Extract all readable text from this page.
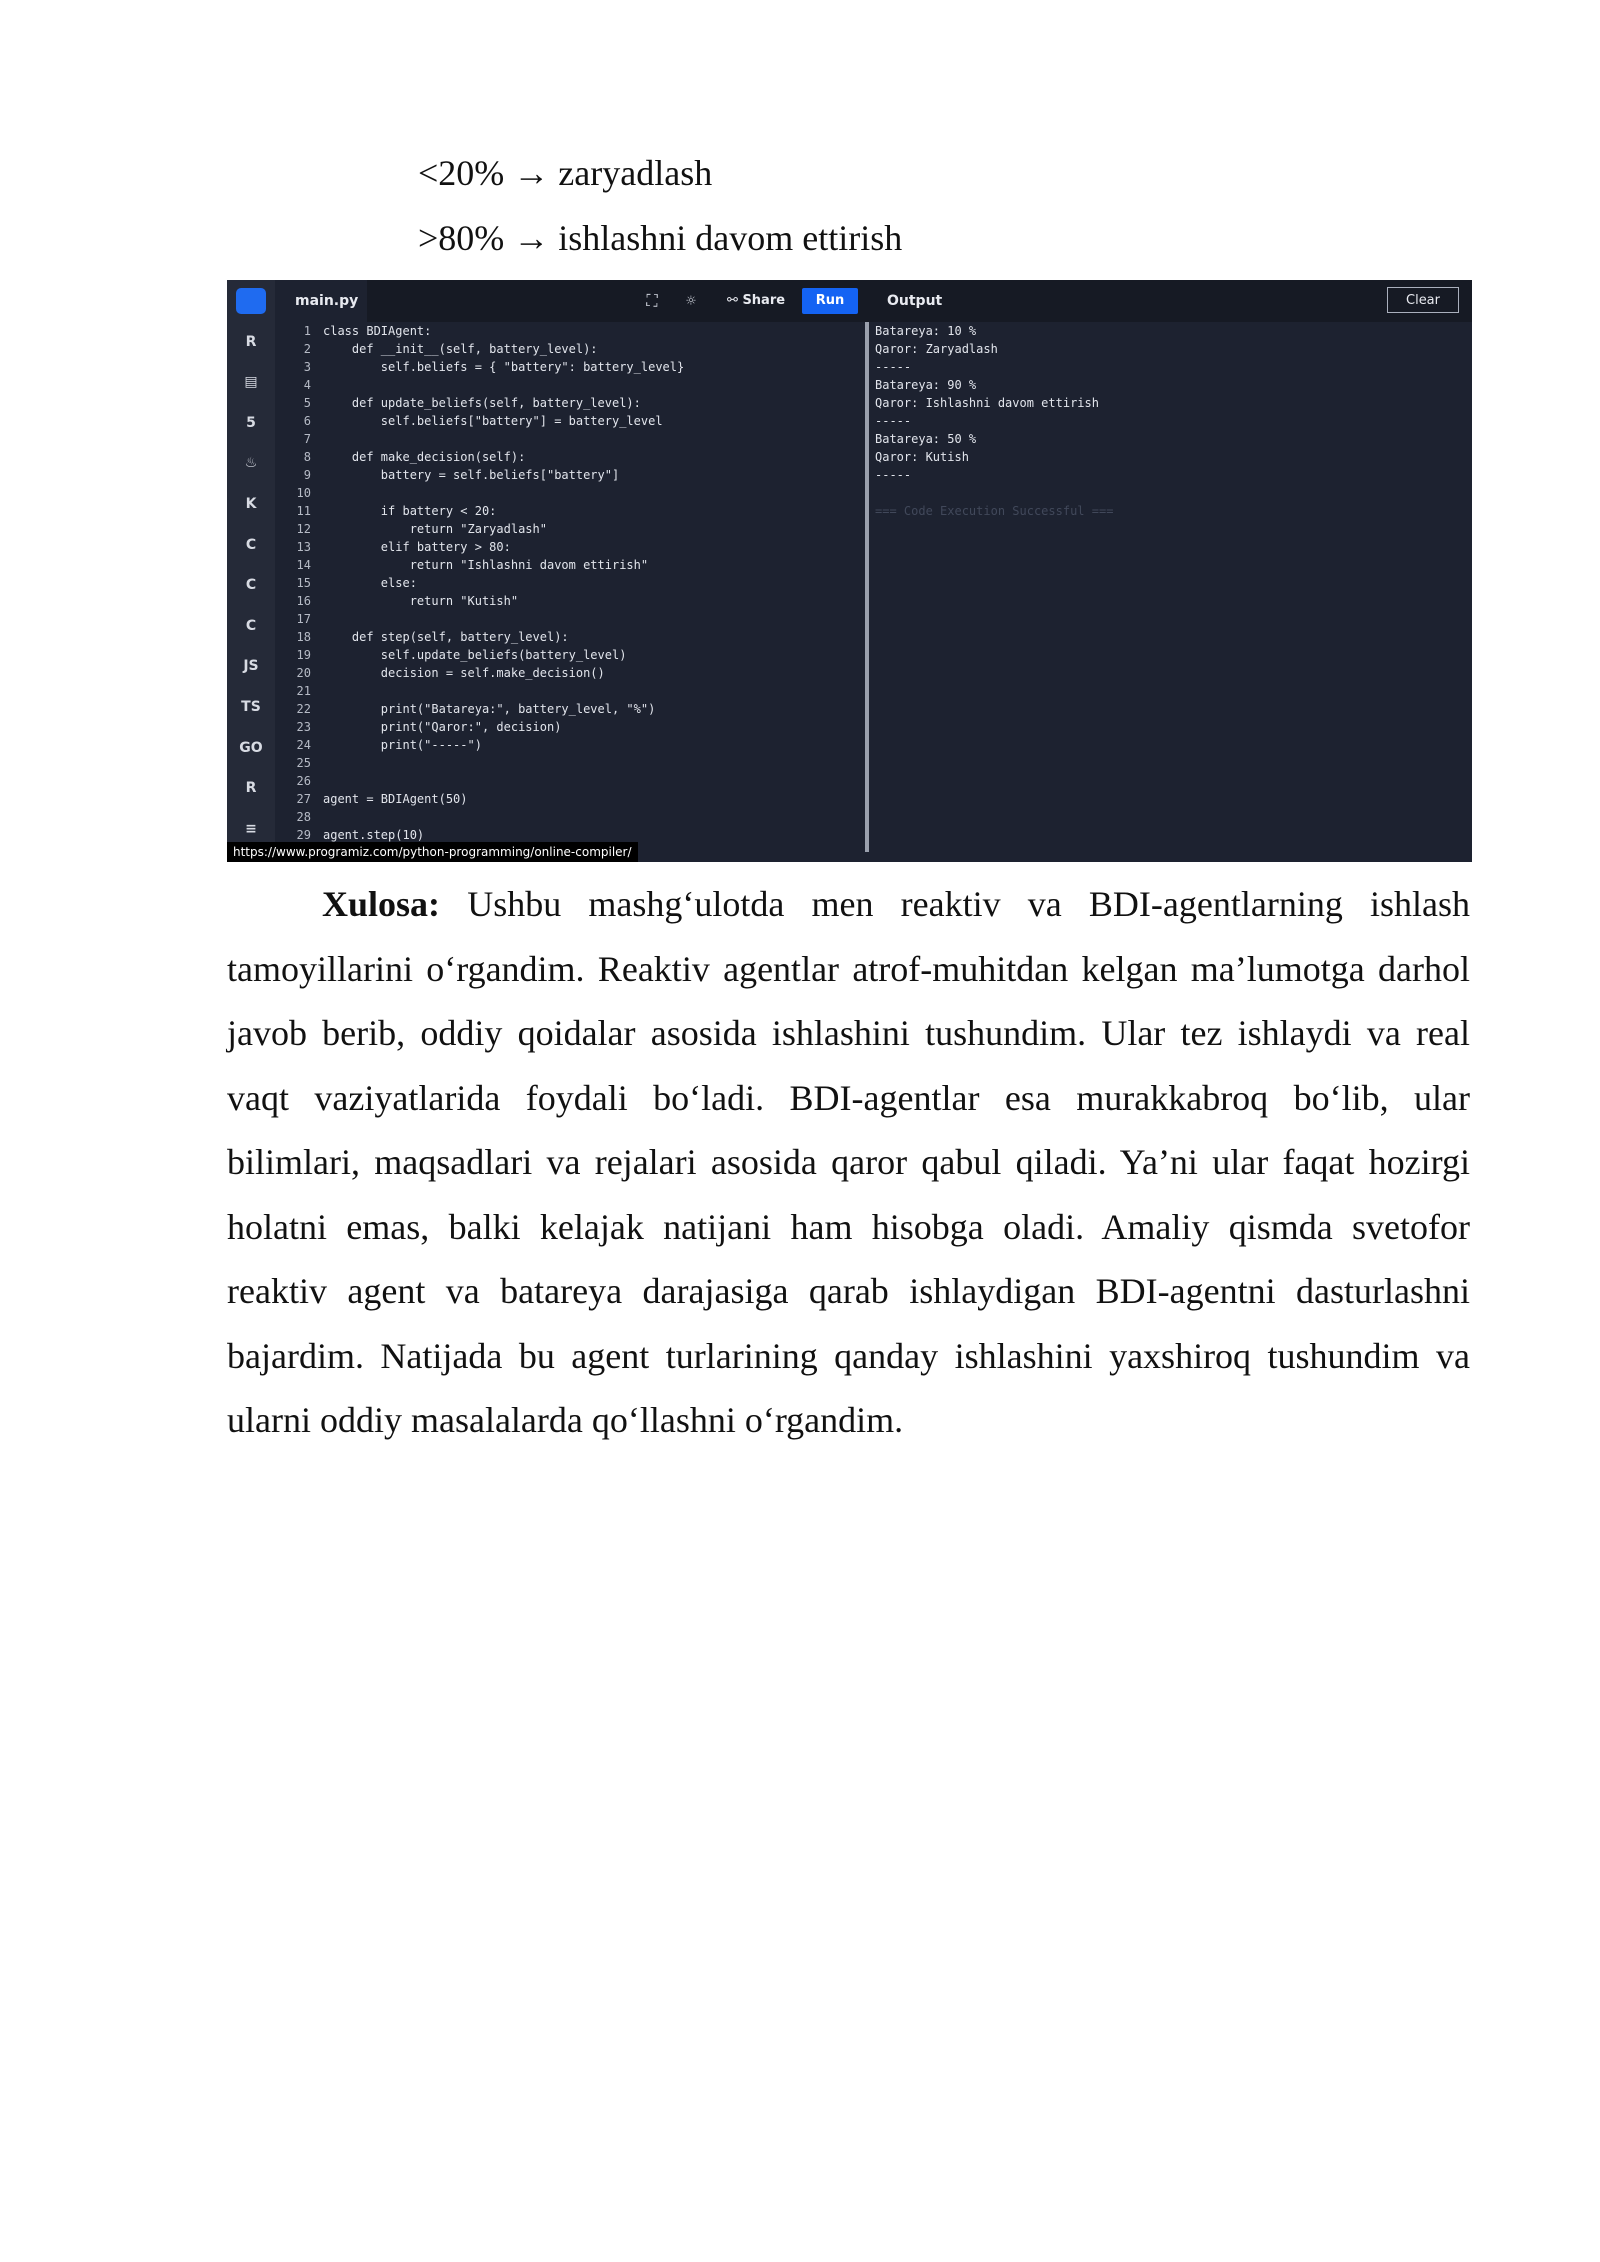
<20% → zaryadlash
>80% → ishlashni davom ettirish
R
▤
5
♨
K
C
C
C
JS
TS
GO
R
≡
main.py	⛶	☼	⚯ Share	Run	Output	Clear
1 class BDIAgent:
2    def __init__(self, battery_level):
3        self.beliefs = { "battery": battery_level}
4
5    def update_beliefs(self, battery_level):
6        self.beliefs["battery"] = battery_level
7
8    def make_decision(self):
9        battery = self.beliefs["battery"]
10
11        if battery < 20:
12            return "Zaryadlash"
13        elif battery > 80:
14            return "Ishlashni davom ettirish"
15        else:
16            return "Kutish"
17
18    def step(self, battery_level):
19        self.update_beliefs(battery_level)
20        decision = self.make_decision()
21
22        print("Batareya:", battery_level, "%")
23        print("Qaror:", decision)
24        print("-----")
25
26
27 agent = BDIAgent(50)
28
29 agent.step(10)
Batareya: 10 %
Qaror: Zaryadlash
-----
Batareya: 90 %
Qaror: Ishlashni davom ettirish
-----
Batareya: 50 %
Qaror: Kutish
-----
=== Code Execution Successful ===
https://www.programiz.com/python-programming/online-compiler/
Xulosa: Ushbu mashg‘ulotda men reaktiv va BDI-agentlarning ishlash tamoyillarini o‘rgandim. Reaktiv agentlar atrof-muhitdan kelgan ma’lumotga darhol javob berib, oddiy qoidalar asosida ishlashini tushundim. Ular tez ishlaydi va real vaqt vaziyatlarida foydali bo‘ladi. BDI-agentlar esa murakkabroq bo‘lib, ular bilimlari, maqsadlari va rejalari asosida qaror qabul qiladi. Ya’ni ular faqat hozirgi holatni emas, balki kelajak natijani ham hisobga oladi. Amaliy qismda svetofor reaktiv agent va batareya darajasiga qarab ishlaydigan BDI-agentni dasturlashni bajardim. Natijada bu agent turlarining qanday ishlashini yaxshiroq tushundim va ularni oddiy masalalarda qo‘llashni o‘rgandim.
